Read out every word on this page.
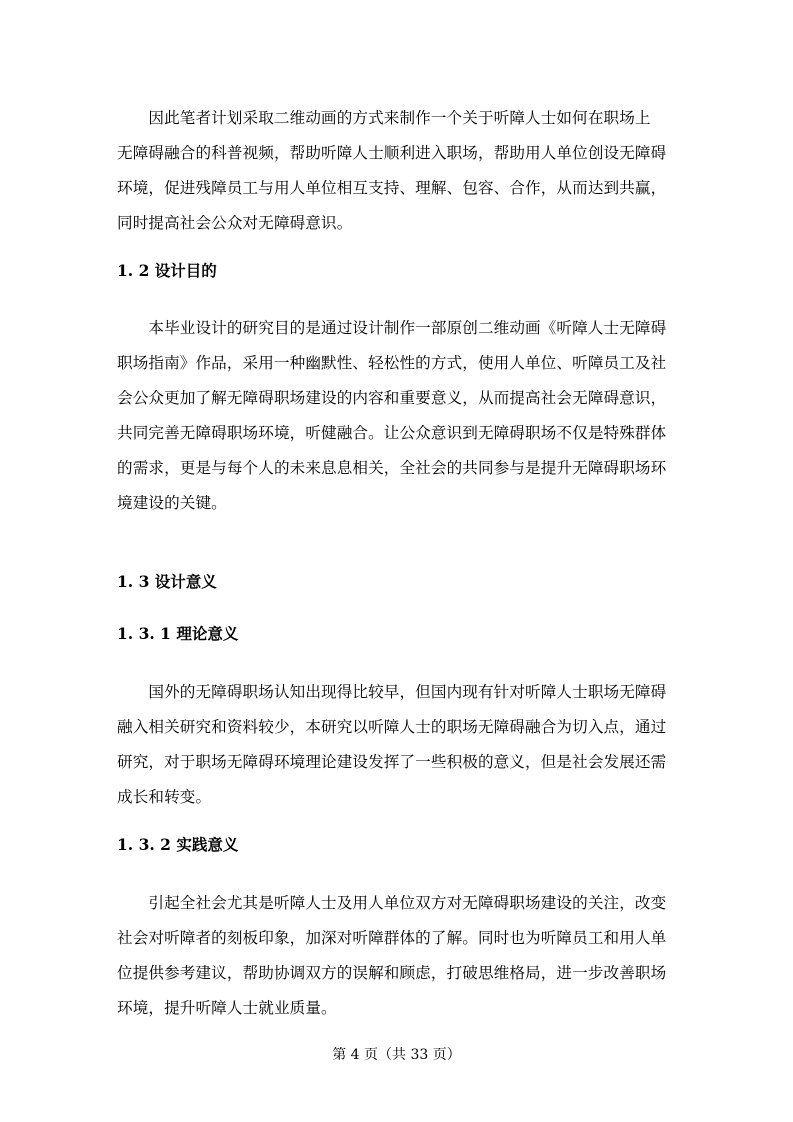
　　因此笔者计划采取二维动画的方式来制作一个关于听障人士如何在职场上
无障碍融合的科普视频，帮助听障人士顺利进入职场，帮助用人单位创设无障碍
环境，促进残障员工与用人单位相互支持、理解、包容、合作，从而达到共赢，
同时提高社会公众对无障碍意识。
1. 2 设计目的
　　本毕业设计的研究目的是通过设计制作一部原创二维动画《听障人士无障碍
职场指南》作品，采用一种幽默性、轻松性的方式，使用人单位、听障员工及社
会公众更加了解无障碍职场建设的内容和重要意义，从而提高社会无障碍意识，
共同完善无障碍职场环境，听健融合。让公众意识到无障碍职场不仅是特殊群体
的需求，更是与每个人的未来息息相关，全社会的共同参与是提升无障碍职场环
境建设的关键。
1. 3 设计意义
1. 3. 1 理论意义
　　国外的无障碍职场认知出现得比较早，但国内现有针对听障人士职场无障碍
融入相关研究和资料较少，本研究以听障人士的职场无障碍融合为切入点，通过
研究，对于职场无障碍环境理论建设发挥了一些积极的意义，但是社会发展还需
成长和转变。
1. 3. 2 实践意义
　　引起全社会尤其是听障人士及用人单位双方对无障碍职场建设的关注，改变
社会对听障者的刻板印象，加深对听障群体的了解。同时也为听障员工和用人单
位提供参考建议，帮助协调双方的误解和顾虑，打破思维格局，进一步改善职场
环境，提升听障人士就业质量。
第 4 页（共 33 页）
